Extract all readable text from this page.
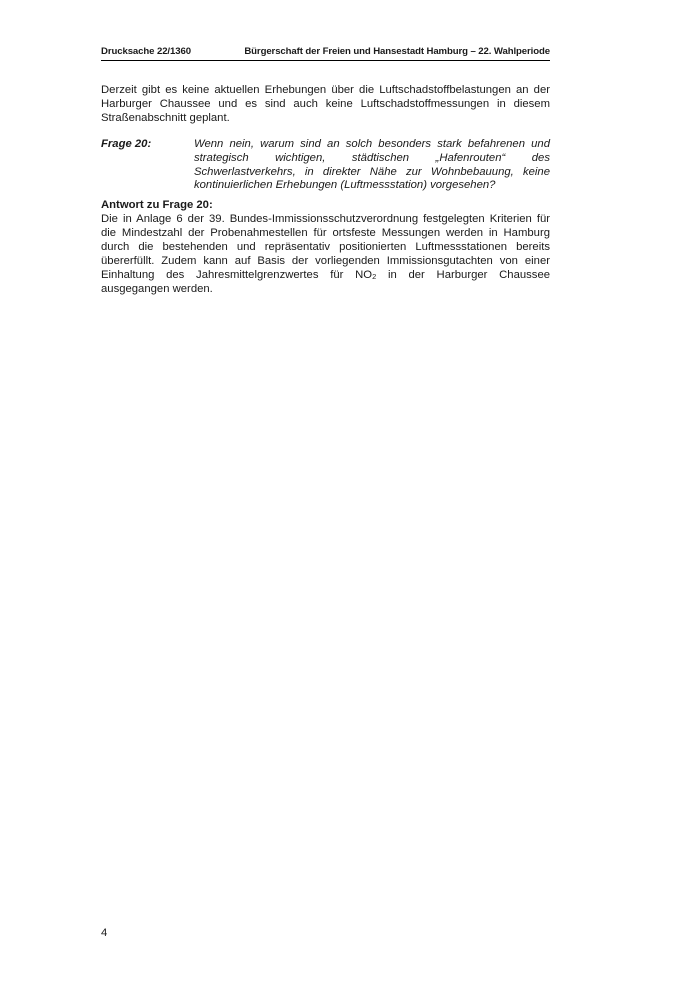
Drucksache 22/1360	Bürgerschaft der Freien und Hansestadt Hamburg – 22. Wahlperiode

Derzeit gibt es keine aktuellen Erhebungen über die Luftschadstoffbelastungen an der Harburger Chaussee und es sind auch keine Luftschadstoffmessungen in diesem Straßenabschnitt geplant.

Frage 20:	Wenn nein, warum sind an solch besonders stark befahrenen und strategisch wichtigen, städtischen „Hafenrouten“ des Schwerlastverkehrs, in direkter Nähe zur Wohnbebauung, keine kontinuierlichen Erhebungen (Luftmessstation) vorgesehen?
Antwort zu Frage 20:

Die in Anlage 6 der 39. Bundes-Immissionsschutzverordnung festgelegten Kriterien für die Mindestzahl der Probenahmestellen für ortsfeste Messungen werden in Hamburg durch die bestehenden und repräsentativ positionierten Luftmessstationen bereits übererfüllt. Zudem kann auf Basis der vorliegenden Immissionsgutachten von einer Einhaltung des Jahresmittelgrenzwertes für $NO_2$ in der Harburger Chaussee ausgegangen werden.

4
